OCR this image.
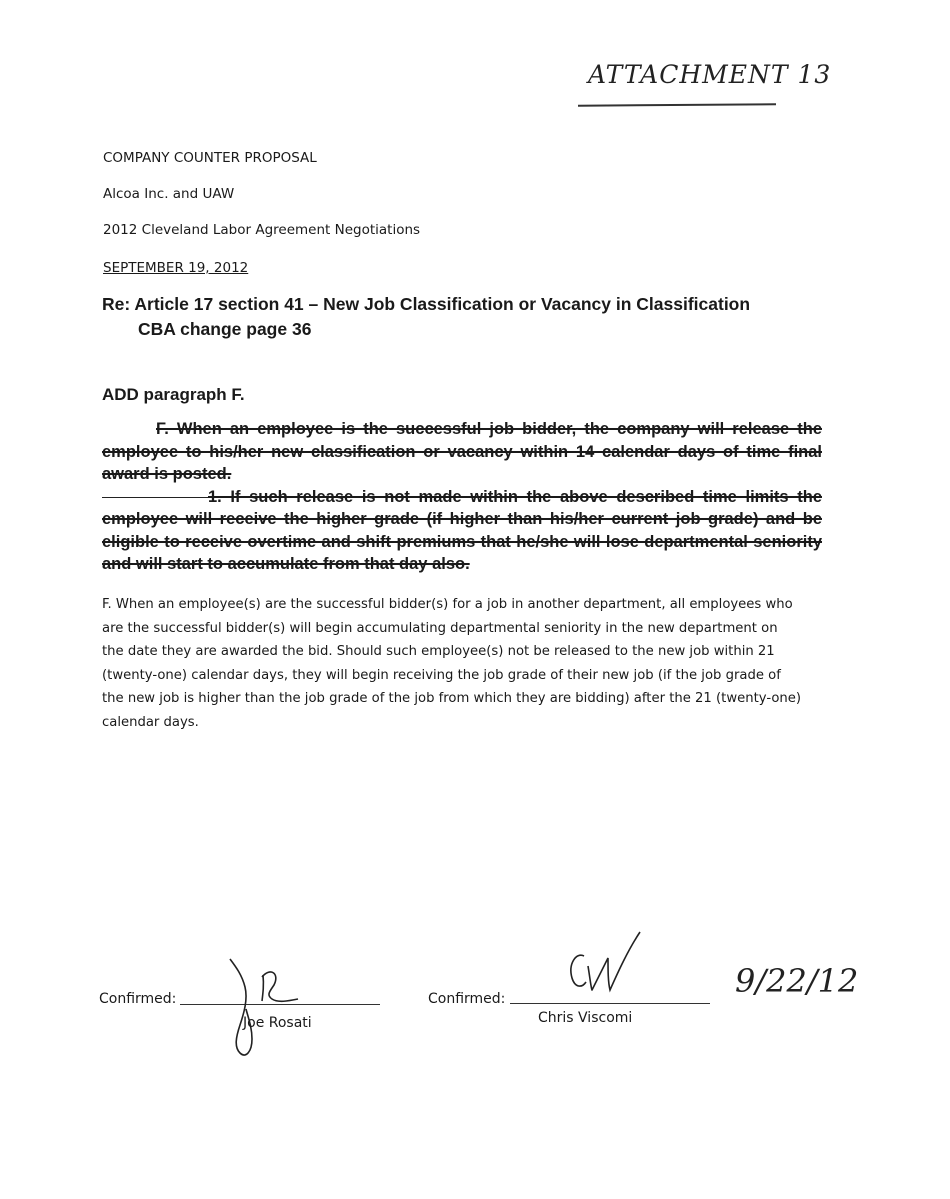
ATTACHMENT 13
COMPANY COUNTER PROPOSAL
Alcoa Inc. and UAW
2012 Cleveland Labor Agreement Negotiations
SEPTEMBER 19, 2012
Re: Article 17 section 41 – New Job Classification or Vacancy in Classification
CBA change page 36
ADD paragraph F.

F. When an employee is the successful job bidder, the company will release the employee to his/her new classification or vacancy within 14 calendar days of time final award is posted.

1. If such release is not made within the above described time limits the employee will receive the higher grade (if higher than his/her current job grade) and be eligible to receive overtime and shift premiums that he/she will lose departmental seniority and will start to accumulate from that day also.

F. When an employee(s) are the successful bidder(s) for a job in another department, all employees who are the successful bidder(s) will begin accumulating departmental seniority in the new department on the date they are awarded the bid. Should such employee(s) not be released to the new job within 21 (twenty-one) calendar days, they will begin receiving the job grade of their new job (if the job grade of the new job is higher than the job grade of the job from which they are bidding) after the 21 (twenty-one) calendar days.

Confirmed:
Joe Rosati
Confirmed:
Chris Viscomi
9/22/12
